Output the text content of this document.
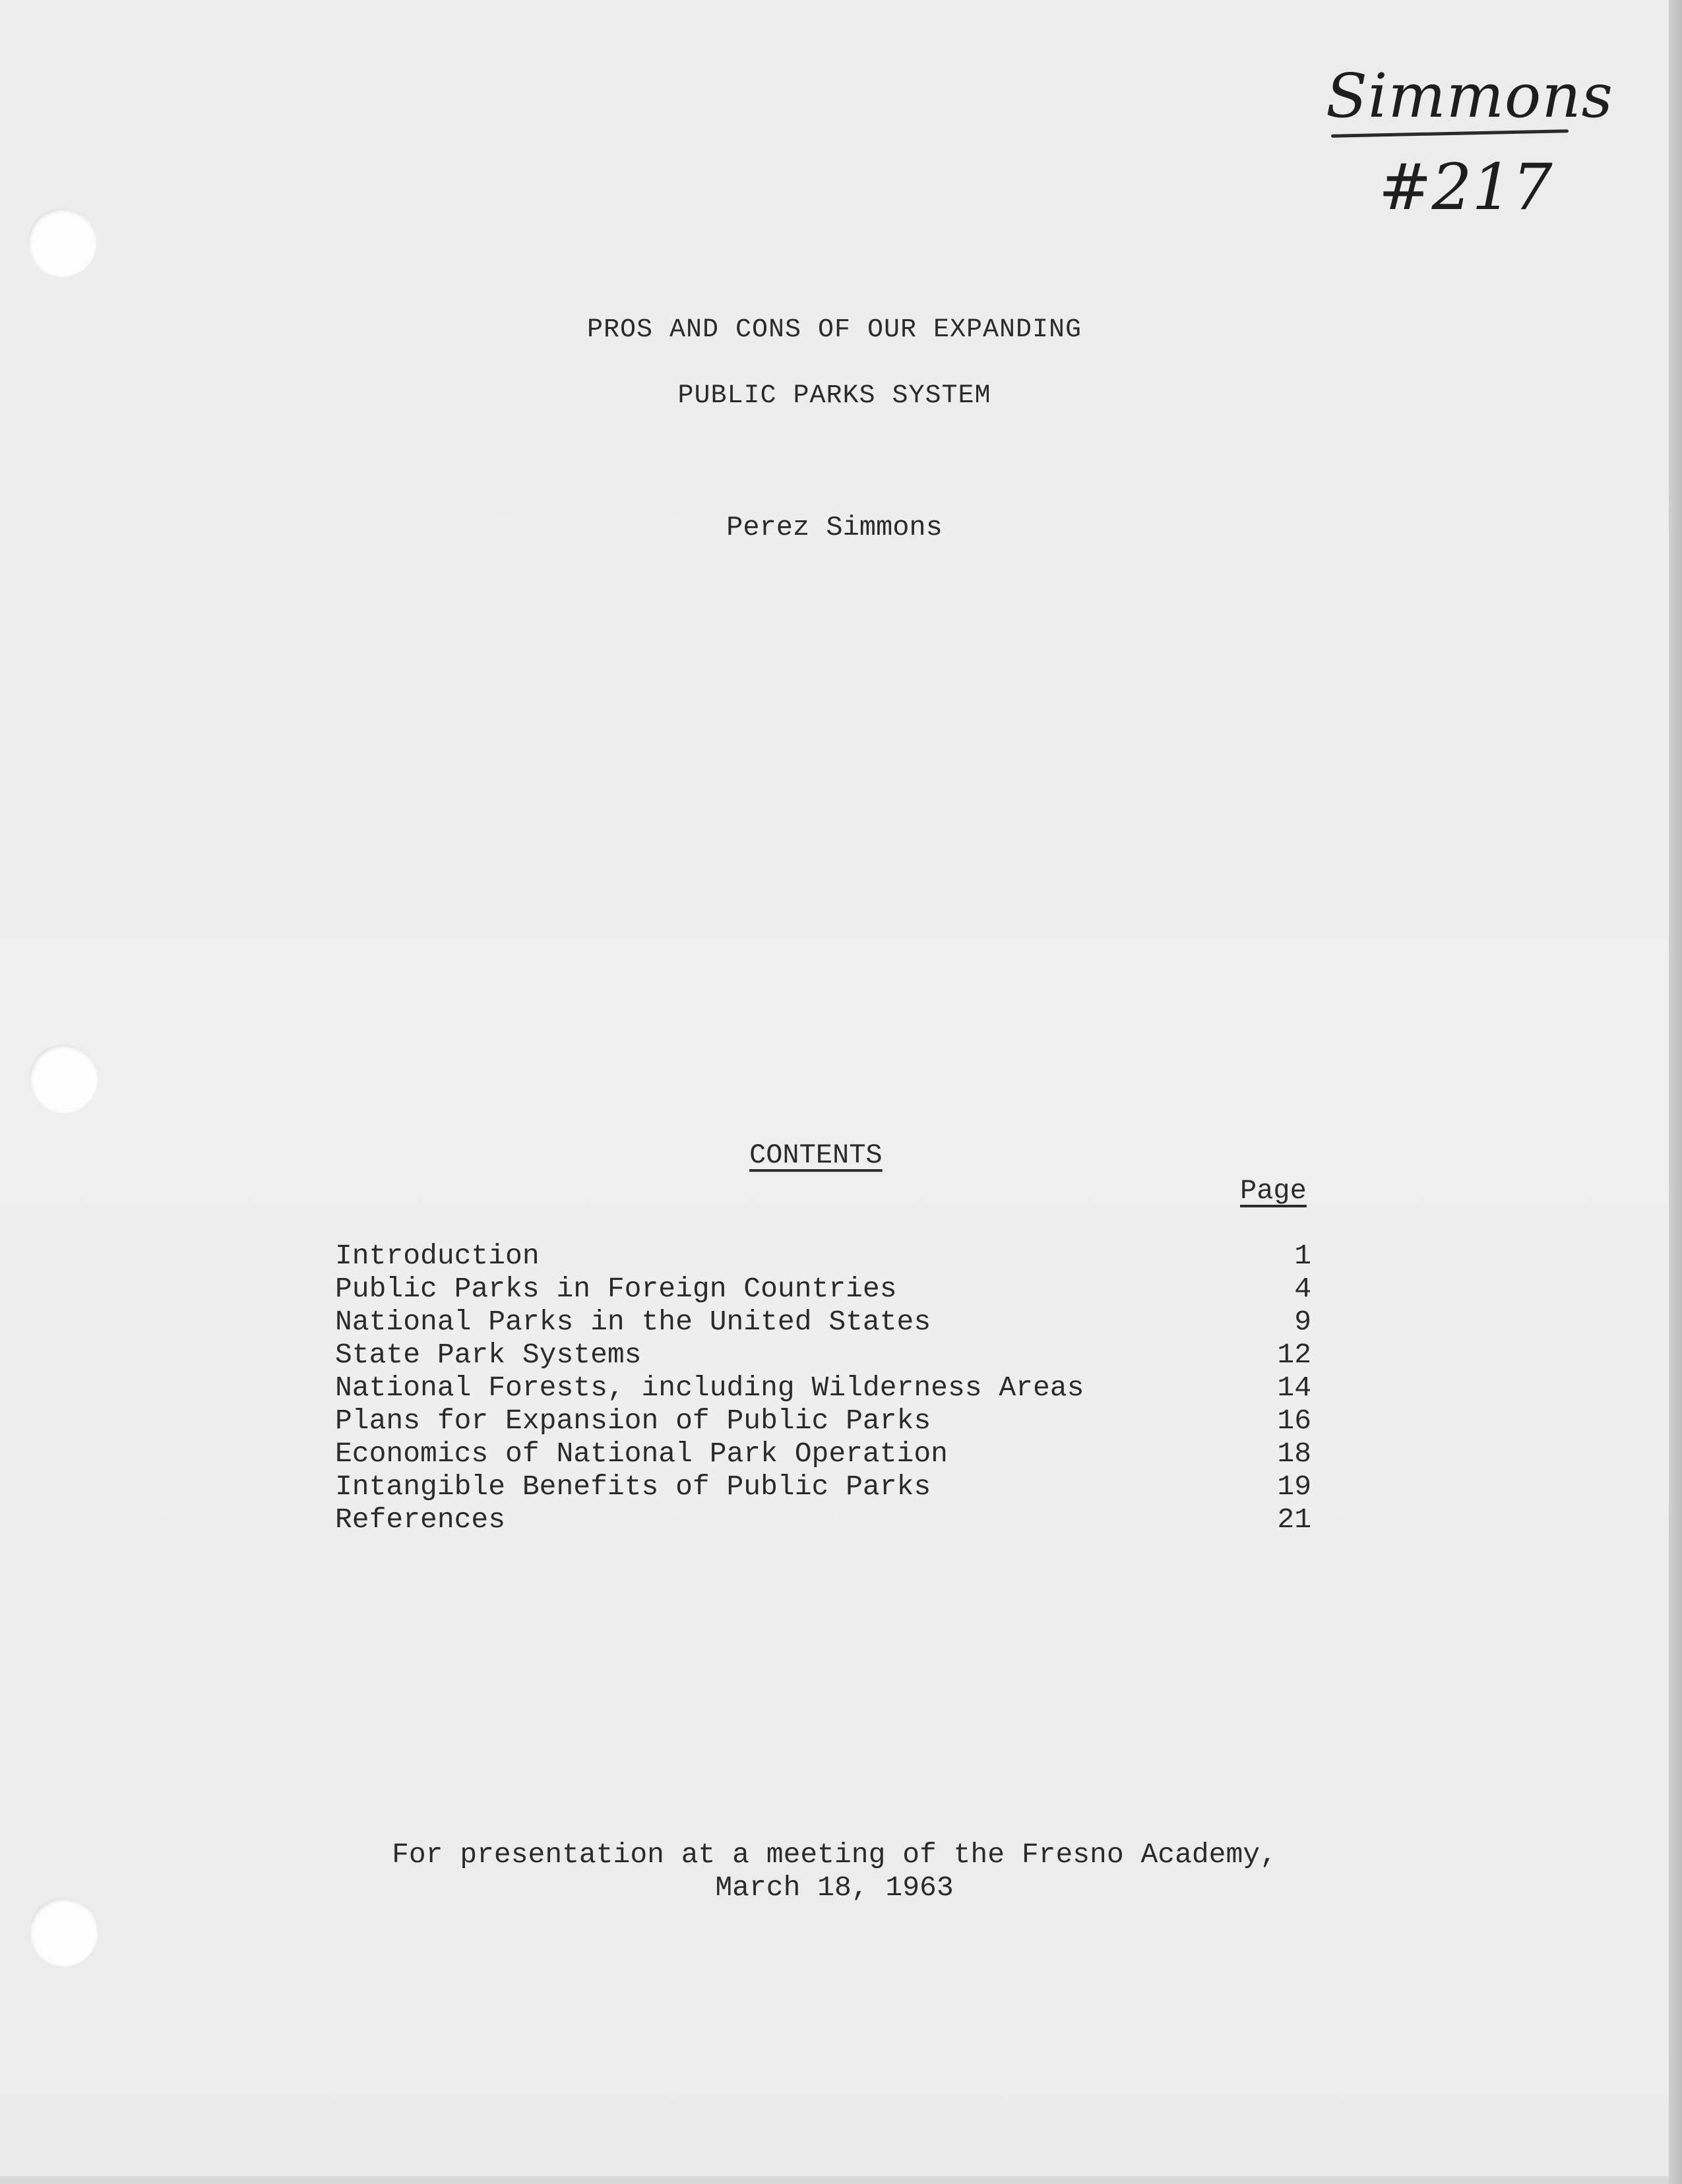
Simmons
#217
PROS AND CONS OF OUR EXPANDING
PUBLIC PARKS SYSTEM
Perez Simmons
CONTENTS
Page
Introduction	1
Public Parks in Foreign Countries	4
National Parks in the United States	9
State Park Systems	12
National Forests, including Wilderness Areas	14
Plans for Expansion of Public Parks	16
Economics of National Park Operation	18
Intangible Benefits of Public Parks	19
References	21
For presentation at a meeting of the Fresno Academy,
March 18, 1963
